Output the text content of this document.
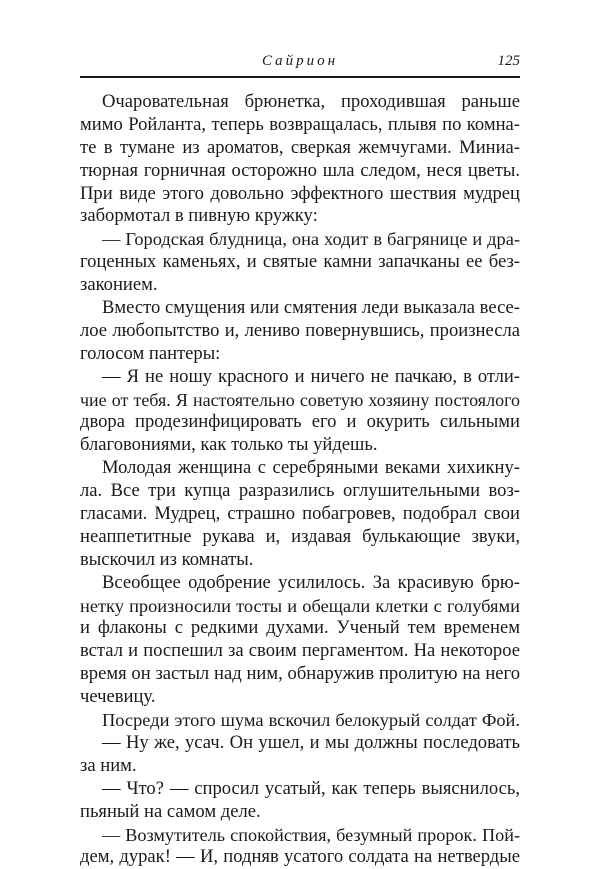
Сайрион	125
Очаровательная брюнетка, проходившая раньше
мимо Ройланта, теперь возвращалась, плывя по комна-
те в тумане из ароматов, сверкая жемчугами. Миниа-
тюрная горничная осторожно шла следом, неся цветы.
При виде этого довольно эффектного шествия мудрец
забормотал в пивную кружку:
— Городская блудница, она ходит в багрянице и дра-
гоценных каменьях, и святые камни запачканы ее без-
законием.
Вместо смущения или смятения леди выказала весе-
лое любопытство и, лениво повернувшись, произнесла
голосом пантеры:
— Я не ношу красного и ничего не пачкаю, в отли-
чие от тебя. Я настоятельно советую хозяину постоялого
двора продезинфицировать его и окурить сильными
благовониями, как только ты уйдешь.
Молодая женщина с серебряными веками хихикну-
ла. Все три купца разразились оглушительными воз-
гласами. Мудрец, страшно побагровев, подобрал свои
неаппетитные рукава и, издавая булькающие звуки,
выскочил из комнаты.
Всеобщее одобрение усилилось. За красивую брю-
нетку произносили тосты и обещали клетки с голубями
и флаконы с редкими духами. Ученый тем временем
встал и поспешил за своим пергаментом. На некоторое
время он застыл над ним, обнаружив пролитую на него
чечевицу.
Посреди этого шума вскочил белокурый солдат Фой.
— Ну же, усач. Он ушел, и мы должны последовать
за ним.
— Что? — спросил усатый, как теперь выяснилось,
пьяный на самом деле.
— Возмутитель спокойствия, безумный пророк. Пой-
дем, дурак! — И, подняв усатого солдата на нетвердые
